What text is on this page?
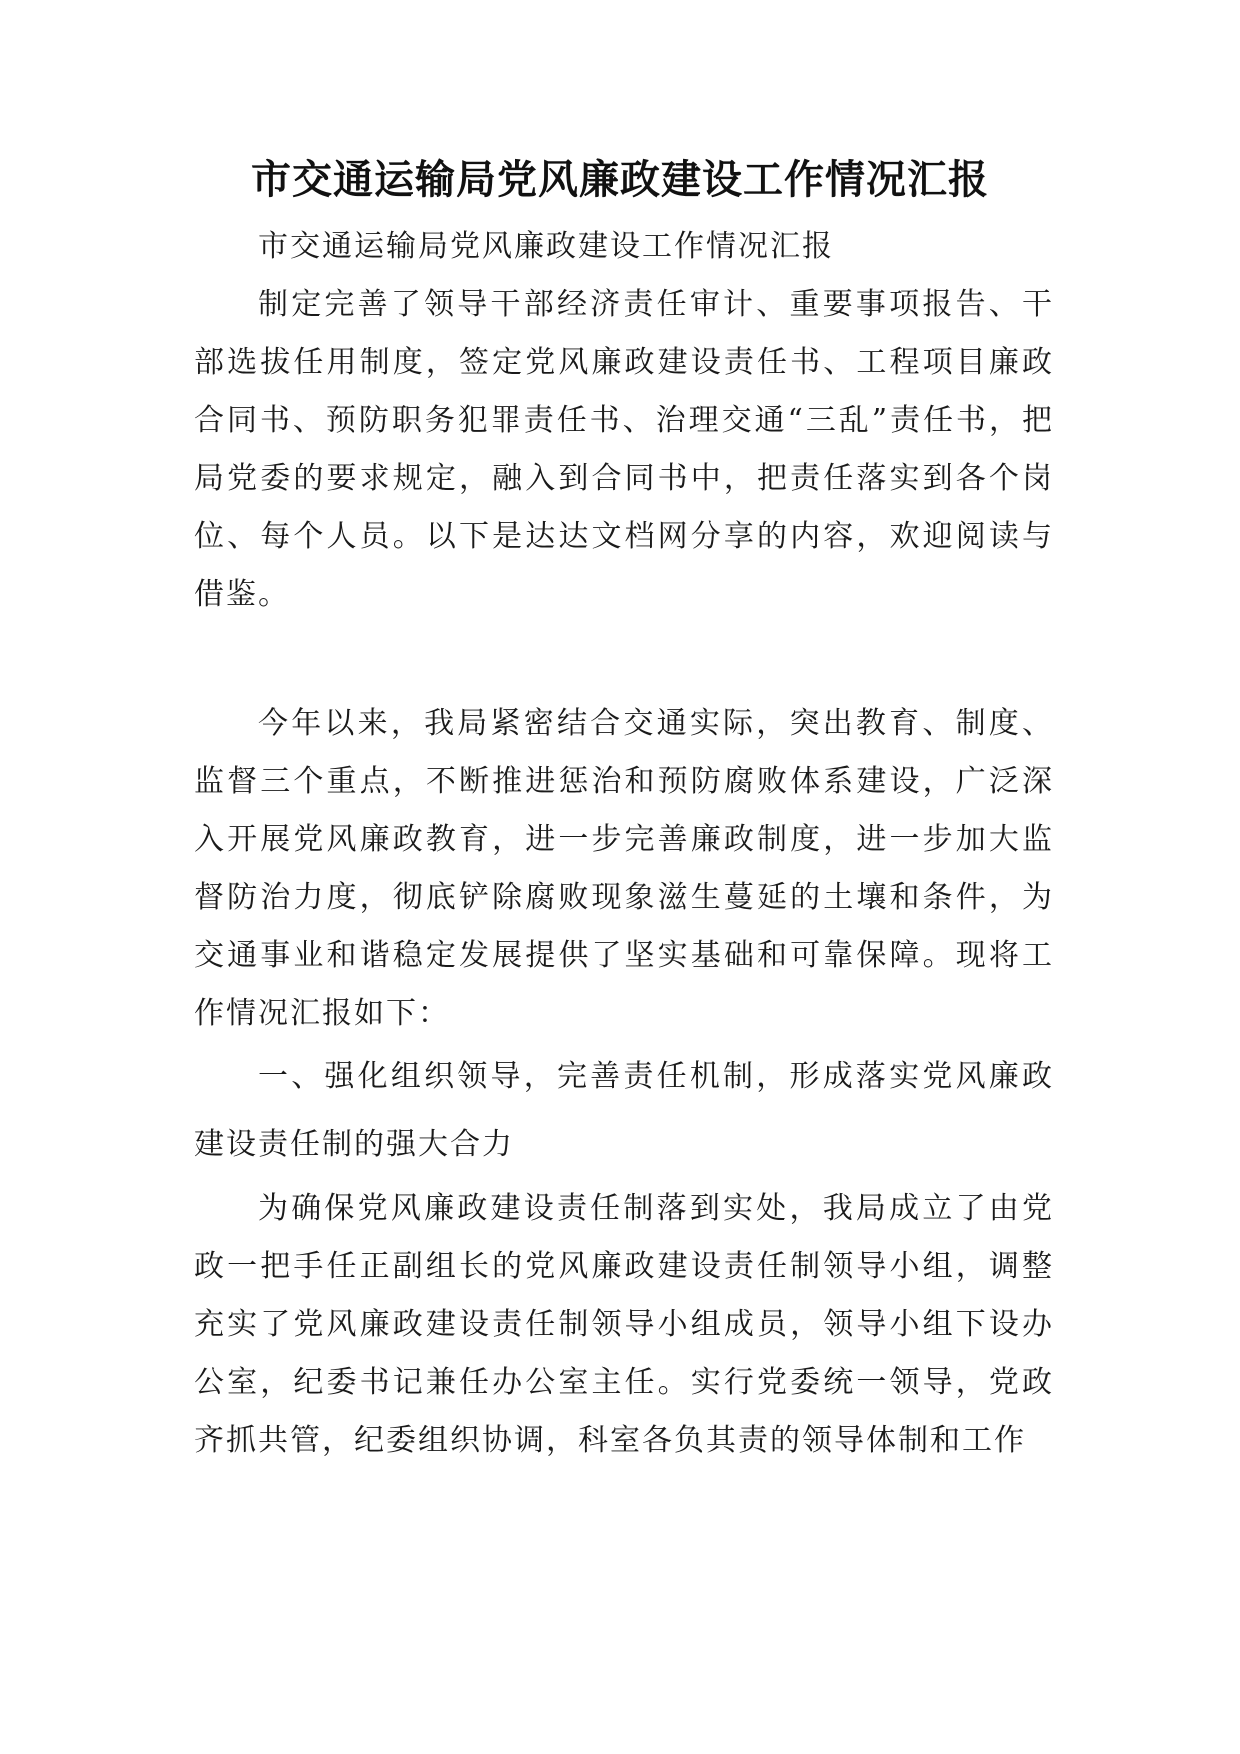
市交通运输局党风廉政建设工作情况汇报

市交通运输局党风廉政建设工作情况汇报

制定完善了领导干部经济责任审计、重要事项报告、干部选拔任用制度，签定党风廉政建设责任书、工程项目廉政合同书、预防职务犯罪责任书、治理交通“三乱”责任书，把局党委的要求规定，融入到合同书中，把责任落实到各个岗位、每个人员。以下是达达文档网分享的内容，欢迎阅读与借鉴。

今年以来，我局紧密结合交通实际，突出教育、制度、监督三个重点，不断推进惩治和预防腐败体系建设，广泛深入开展党风廉政教育，进一步完善廉政制度，进一步加大监督防治力度，彻底铲除腐败现象滋生蔓延的土壤和条件，为交通事业和谐稳定发展提供了坚实基础和可靠保障。现将工作情况汇报如下：

一、强化组织领导，完善责任机制，形成落实党风廉政建设责任制的强大合力

为确保党风廉政建设责任制落到实处，我局成立了由党政一把手任正副组长的党风廉政建设责任制领导小组，调整充实了党风廉政建设责任制领导小组成员，领导小组下设办公室，纪委书记兼任办公室主任。实行党委统一领导，党政齐抓共管，纪委组织协调，科室各负其责的领导体制和工作
